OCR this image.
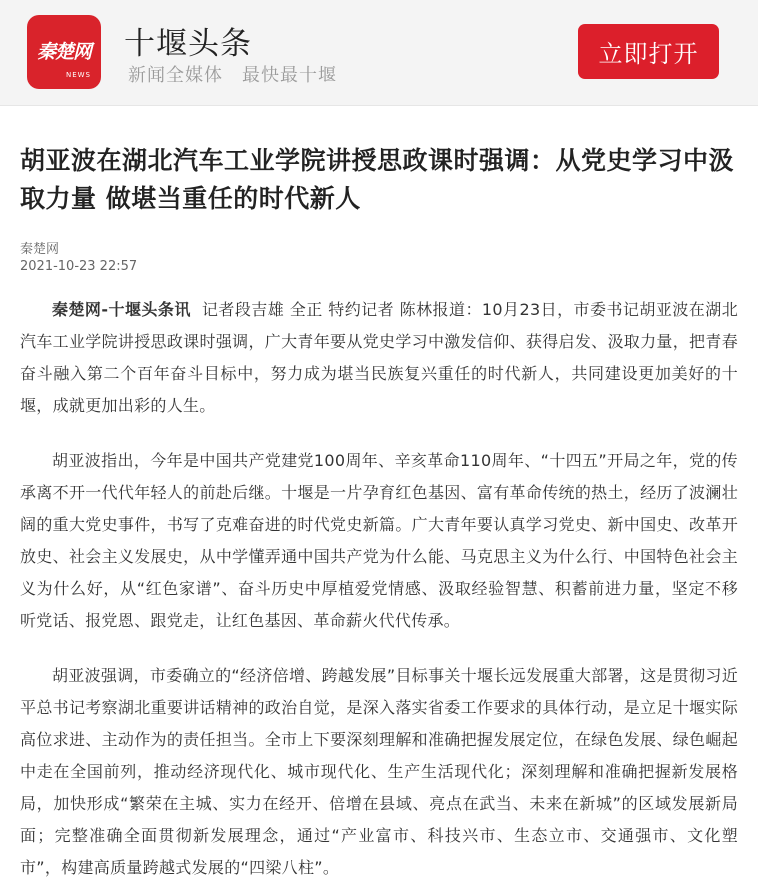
秦楚网
NEWS
十堰头条
新闻全媒体　最快最十堰
立即打开
胡亚波在湖北汽车工业学院讲授思政课时强调：从党史学习中汲取力量 做堪当重任的时代新人
秦楚网
2021-10-23 22:57

秦楚网-十堰头条讯 记者段吉雄 全正 特约记者 陈林报道：10月23日，市委书记胡亚波在湖北汽车工业学院讲授思政课时强调，广大青年要从党史学习中激发信仰、获得启发、汲取力量，把青春奋斗融入第二个百年奋斗目标中，努力成为堪当民族复兴重任的时代新人，共同建设更加美好的十堰，成就更加出彩的人生。

胡亚波指出，今年是中国共产党建党100周年、辛亥革命110周年、“十四五”开局之年，党的传承离不开一代代年轻人的前赴后继。十堰是一片孕育红色基因、富有革命传统的热土，经历了波澜壮阔的重大党史事件，书写了克难奋进的时代党史新篇。广大青年要认真学习党史、新中国史、改革开放史、社会主义发展史，从中学懂弄通中国共产党为什么能、马克思主义为什么行、中国特色社会主义为什么好，从“红色家谱”、奋斗历史中厚植爱党情感、汲取经验智慧、积蓄前进力量，坚定不移听党话、报党恩、跟党走，让红色基因、革命薪火代代传承。

胡亚波强调，市委确立的“经济倍增、跨越发展”目标事关十堰长远发展重大部署，这是贯彻习近平总书记考察湖北重要讲话精神的政治自觉，是深入落实省委工作要求的具体行动，是立足十堰实际高位求进、主动作为的责任担当。全市上下要深刻理解和准确把握发展定位，在绿色发展、绿色崛起中走在全国前列，推动经济现代化、城市现代化、生产生活现代化；深刻理解和准确把握新发展格局，加快形成“繁荣在主城、实力在经开、倍增在县域、亮点在武当、未来在新城”的区域发展新局面；完整准确全面贯彻新发展理念，通过“产业富市、科技兴市、生态立市、交通强市、文化塑市”，构建高质量跨越式发展的“四梁八柱”。
